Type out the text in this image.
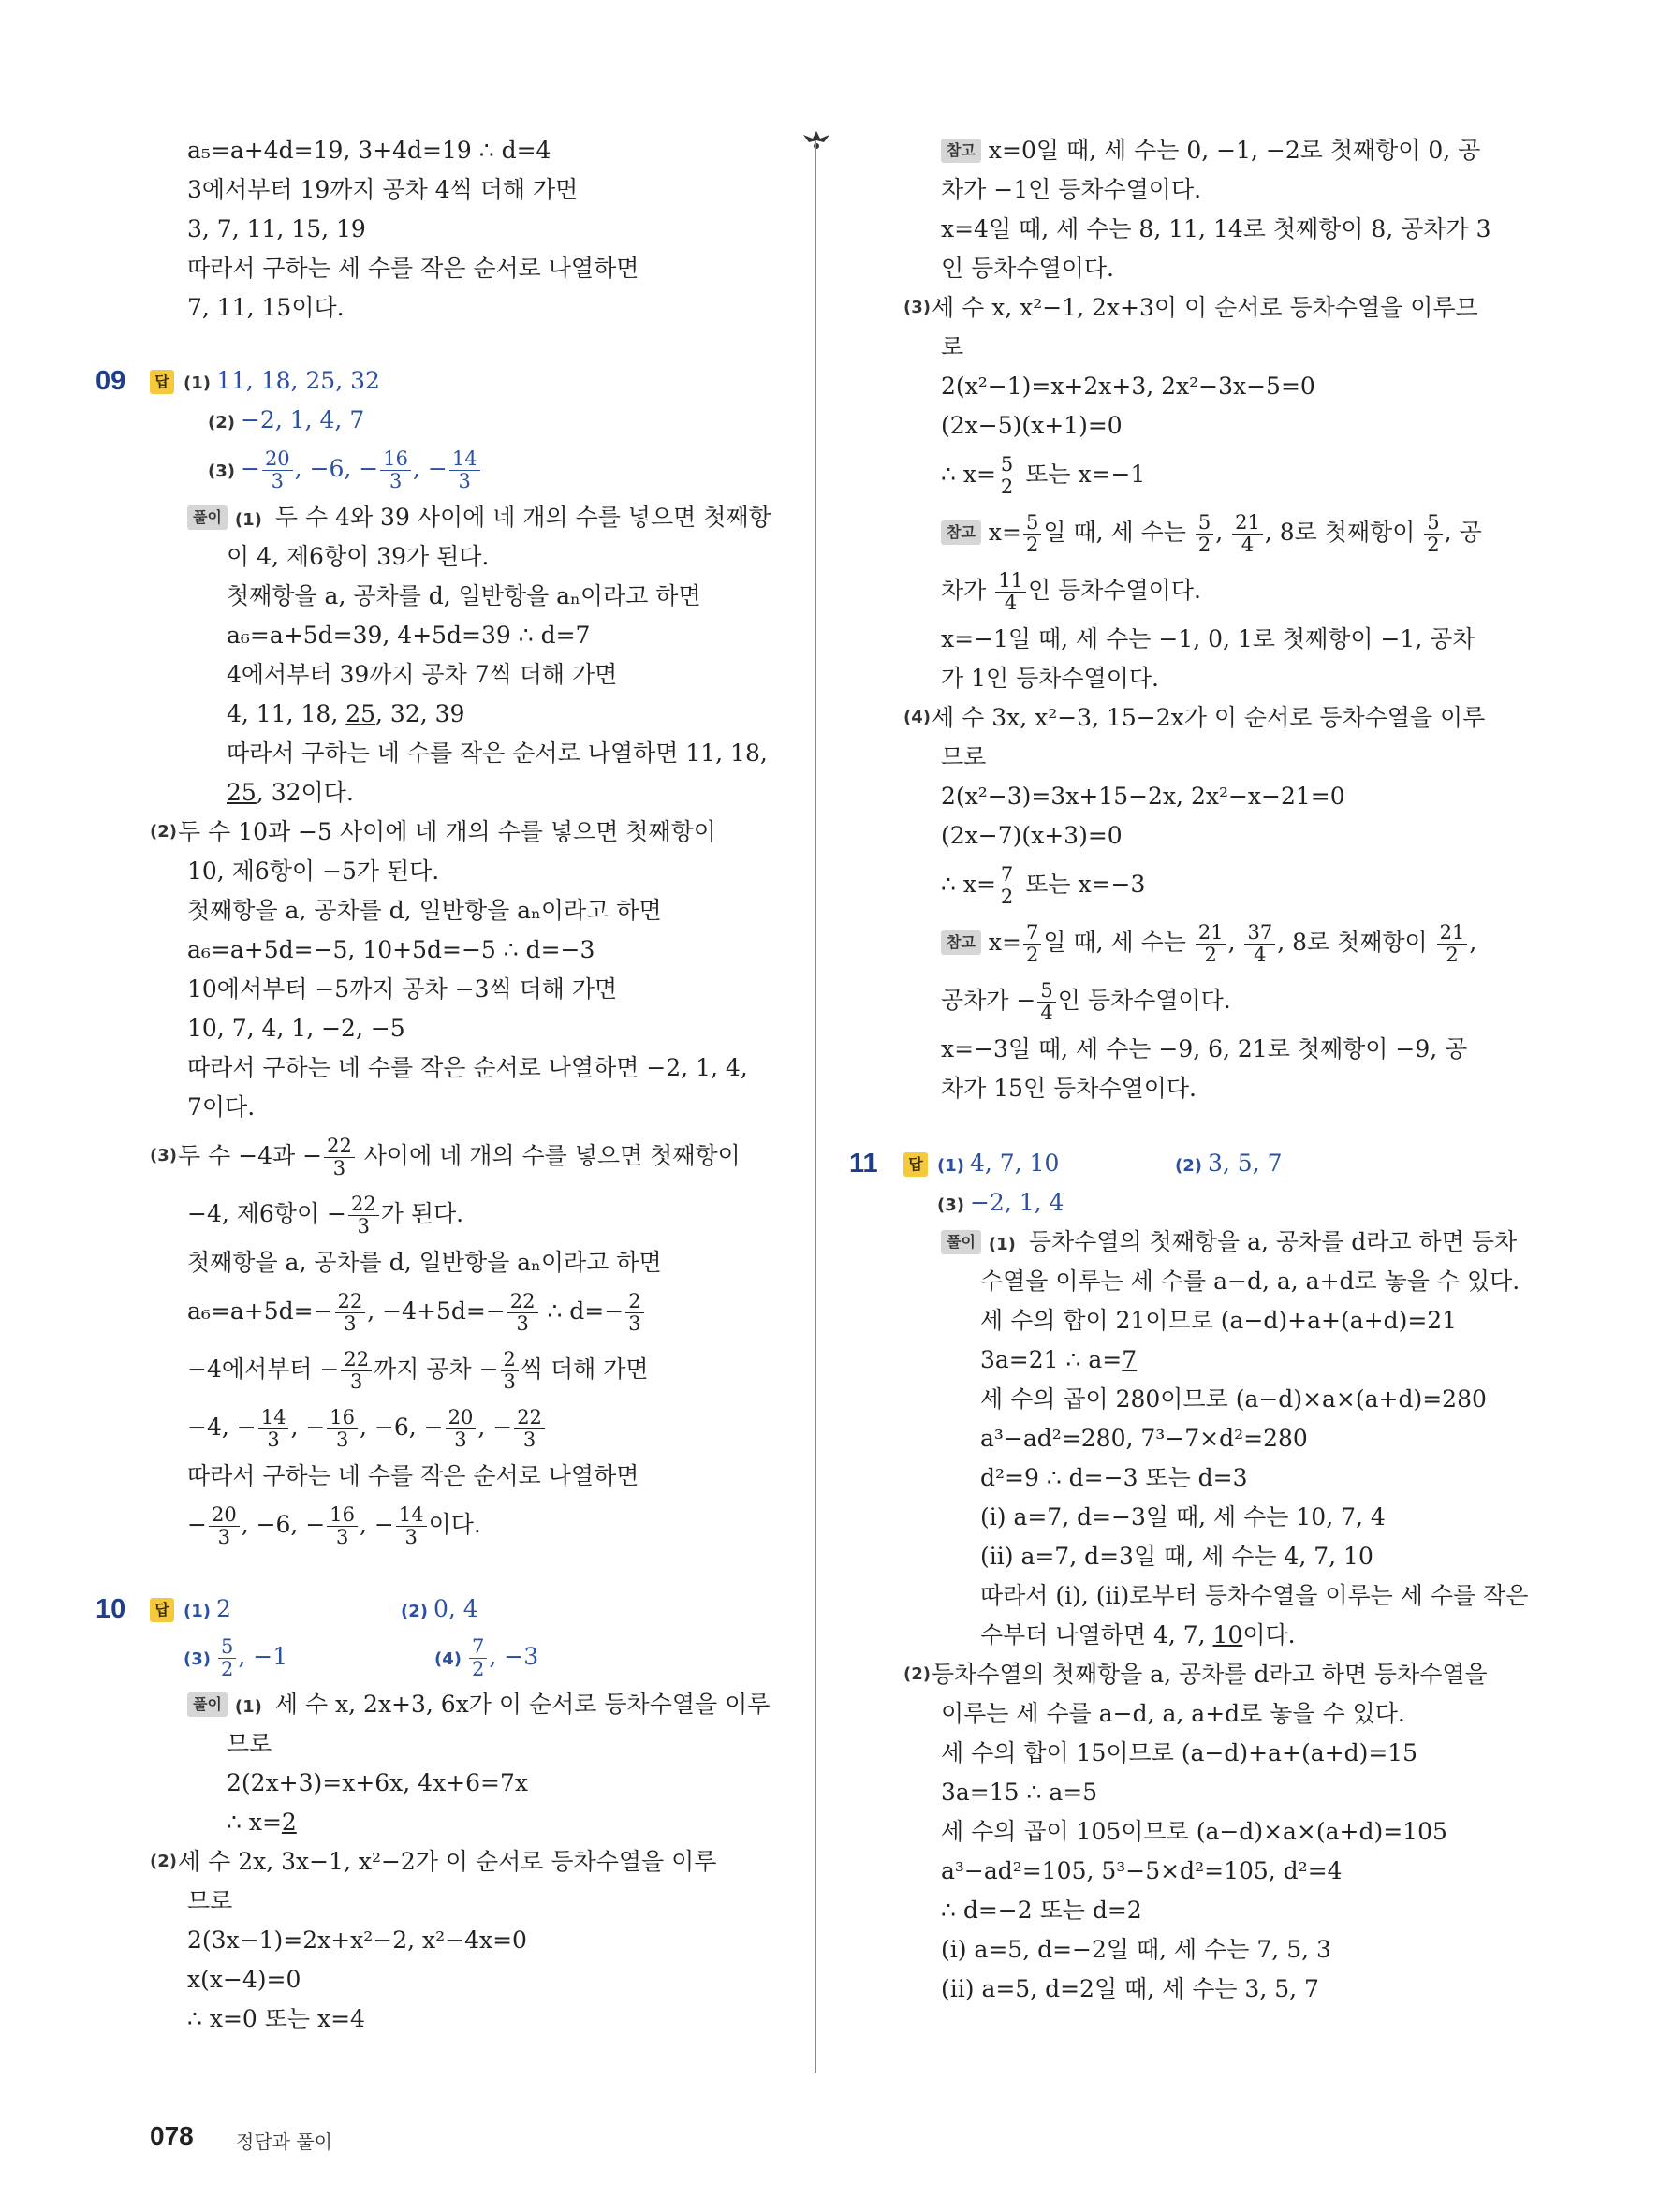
a₅=a+4d=19, 3+4d=19 ∴ d=4
3에서부터 19까지 공차 4씩 더해 가면
3, 7, 11, 15, 19
따라서 구하는 세 수를 작은 순서로 나열하면
7, 11, 15이다.
09 답 (1) 11, 18, 25, 32
(2) −2, 1, 4, 7
$(3) - \frac{20}{3}$ , −6, − $\frac{16}{3}$ , − $\frac{14}{3}$
풀이 (1) 두 수 4와 39 사이에 네 개의 수를 넣으면 첫째항
이 4, 제6항이 39가 된다.
첫째항을 a, 공차를 d, 일반항을 aₙ이라고 하면
a₆=a+5d=39, 4+5d=39 ∴ d=7
4에서부터 39까지 공차 7씩 더해 가면
4, 11, 18, 25, 32, 39
따라서 구하는 네 수를 작은 순서로 나열하면 11, 18,
25, 32이다.
(2) 두 수 10과 −5 사이에 네 개의 수를 넣으면 첫째항이
10, 제6항이 −5가 된다.
첫째항을 a, 공차를 d, 일반항을 aₙ이라고 하면
a₆=a+5d=−5, 10+5d=−5 ∴ d=−3
10에서부터 −5까지 공차 −3씩 더해 가면
10, 7, 4, 1, −2, −5
따라서 구하는 네 수를 작은 순서로 나열하면 −2, 1, 4,
7이다.
(3) 두 수 −4과 − $\frac{22}{3}$ 사이에 네 개의 수를 넣으면 첫째항이
−4, 제6항이 − $\frac{22}{3}$ 가 된다.
첫째항을 a, 공차를 d, 일반항을 aₙ이라고 하면
$a_6=a+5d=- \frac{22}{3}$ , $-4+5d=- \frac{22}{3}$ ∴ $d=- \frac{2}{3}$
−4에서부터 − $\frac{22}{3}$ 까지 공차 − $\frac{2}{3}$ 씩 더해 가면
−4, − $\frac{14}{3}$ , − $\frac{16}{3}$ , −6, − $\frac{20}{3}$ , − $\frac{22}{3}$
따라서 구하는 네 수를 작은 순서로 나열하면
− $\frac{20}{3}$ , −6, − $\frac{16}{3}$ , − $\frac{14}{3}$ 이다.
10	답 (1) 2	(2) 0, 4
$(3) \frac{5}{2}$ , −1	$(4) \frac{7}{2}$ , −3
풀이 (1) 세 수 x, 2x+3, 6x가 이 순서로 등차수열을 이루
므로
2(2x+3)=x+6x, 4x+6=7x
∴ x=2
(2) 세 수 2x, 3x−1, x²−2가 이 순서로 등차수열을 이루
므로
2(3x−1)=2x+x²−2, x²−4x=0
x(x−4)=0
∴ x=0 또는 x=4
참고 x=0일 때, 세 수는 0, −1, −2로 첫째항이 0, 공
차가 −1인 등차수열이다.
x=4일 때, 세 수는 8, 11, 14로 첫째항이 8, 공차가 3
인 등차수열이다.
(3) 세 수 x, x²−1, 2x+3이 이 순서로 등차수열을 이루므
로
2(x²−1)=x+2x+3, 2x²−3x−5=0
(2x−5)(x+1)=0
∴ $x= \frac{5}{2}$ 또는 x=−1
참고 $x= \frac{5}{2}$ 일 때, 세 수는 $\frac{5}{2}$ , $\frac{21}{4}$ , 8로 첫째항이 $\frac{5}{2}$ , 공
차가 $\frac{11}{4}$ 인 등차수열이다.
x=−1일 때, 세 수는 −1, 0, 1로 첫째항이 −1, 공차
가 1인 등차수열이다.
(4) 세 수 3x, x²−3, 15−2x가 이 순서로 등차수열을 이루
므로
2(x²−3)=3x+15−2x, 2x²−x−21=0
(2x−7)(x+3)=0
∴ $x= \frac{7}{2}$ 또는 x=−3
참고 $x= \frac{7}{2}$ 일 때, 세 수는 $\frac{21}{2}$ , $\frac{37}{4}$ , 8로 첫째항이 $\frac{21}{2}$ ,
공차가 − $\frac{5}{4}$ 인 등차수열이다.
x=−3일 때, 세 수는 −9, 6, 21로 첫째항이 −9, 공
차가 15인 등차수열이다.
11	답 (1) 4, 7, 10	(2) 3, 5, 7
(3) −2, 1, 4
풀이 (1) 등차수열의 첫째항을 a, 공차를 d라고 하면 등차
수열을 이루는 세 수를 a−d, a, a+d로 놓을 수 있다.
세 수의 합이 21이므로 (a−d)+a+(a+d)=21
3a=21 ∴ a=7
세 수의 곱이 280이므로 (a−d)×a×(a+d)=280
a³−ad²=280, 7³−7×d²=280
d²=9 ∴ d=−3 또는 d=3
(ⅰ) a=7, d=−3일 때, 세 수는 10, 7, 4
(ⅱ) a=7, d=3일 때, 세 수는 4, 7, 10
따라서 (ⅰ), (ⅱ)로부터 등차수열을 이루는 세 수를 작은
수부터 나열하면 4, 7, 10이다.
(2) 등차수열의 첫째항을 a, 공차를 d라고 하면 등차수열을
이루는 세 수를 a−d, a, a+d로 놓을 수 있다.
세 수의 합이 15이므로 (a−d)+a+(a+d)=15
3a=15 ∴ a=5
세 수의 곱이 105이므로 (a−d)×a×(a+d)=105
a³−ad²=105, 5³−5×d²=105, d²=4
∴ d=−2 또는 d=2
(ⅰ) a=5, d=−2일 때, 세 수는 7, 5, 3
(ⅱ) a=5, d=2일 때, 세 수는 3, 5, 7
078 정답과 풀이
